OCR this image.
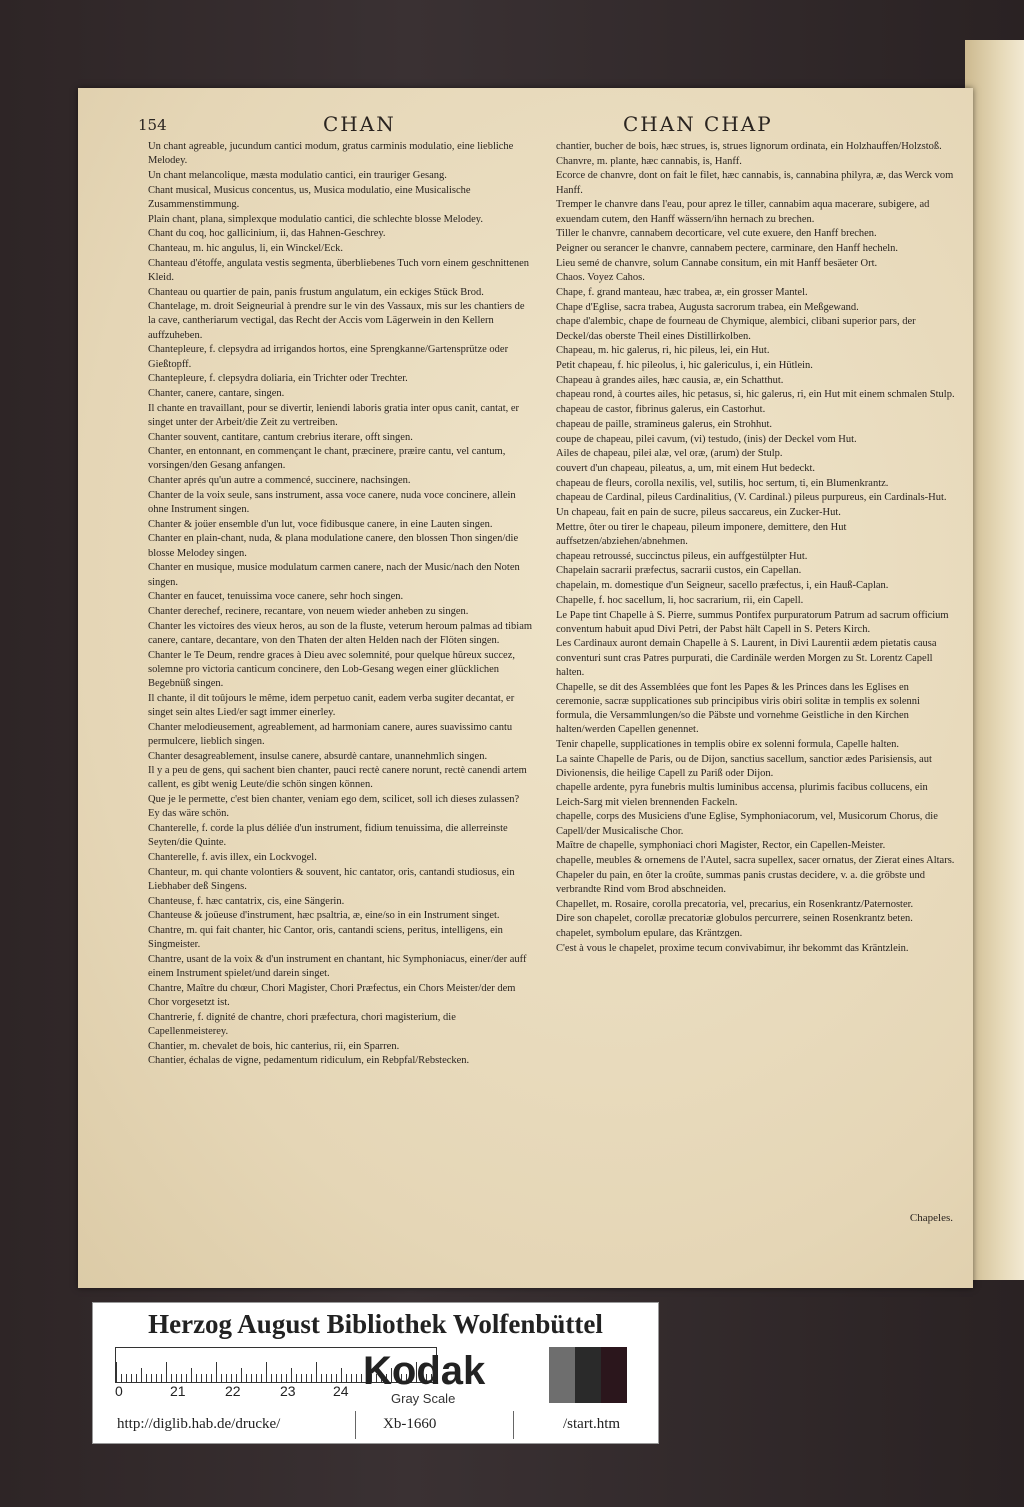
154	CHAN	CHAN CHAP
Un chant agreable, jucundum cantici modum, gratus carminis modulatio, eine liebliche Melodey.
Un chant melancolique, mæsta modulatio cantici, ein trauriger Gesang.
Chant musical, Musicus concentus, us, Musica modulatio, eine Musicalische Zusammenstimmung.
Plain chant, plana, simplexque modulatio cantici, die schlechte blosse Melodey.
Chant du coq, hoc gallicinium, ii, das Hahnen-Geschrey.
Chanteau, m. hic angulus, li, ein Winckel/Eck.
Chanteau d'étoffe, angulata vestis segmenta, überbliebenes Tuch vorn einem geschnittenen Kleid.
Chanteau ou quartier de pain, panis frustum angulatum, ein eckiges Stück Brod.
Chantelage, m. droit Seigneurial à prendre sur le vin des Vassaux, mis sur les chantiers de la cave, cantheriarum vectigal, das Recht der Accis vom Lägerwein in den Kellern auffzuheben.
Chantepleure, f. clepsydra ad irrigandos hortos, eine Sprengkanne/Gartensprütze oder Gießtopff.
Chantepleure, f. clepsydra doliaria, ein Trichter oder Trechter.
Chanter, canere, cantare, singen.
Il chante en travaillant, pour se divertir, leniendi laboris gratia inter opus canit, cantat, er singet unter der Arbeit/die Zeit zu vertreiben.
Chanter souvent, cantitare, cantum crebrius iterare, offt singen.
Chanter, en entonnant, en commençant le chant, præcinere, præire cantu, vel cantum, vorsingen/den Gesang anfangen.
Chanter aprés qu'un autre a commencé, succinere, nachsingen.
Chanter de la voix seule, sans instrument, assa voce canere, nuda voce concinere, allein ohne Instrument singen.
Chanter & joüer ensemble d'un lut, voce fidibusque canere, in eine Lauten singen.
Chanter en plain-chant, nuda, & plana modulatione canere, den blossen Thon singen/die blosse Melodey singen.
Chanter en musique, musice modulatum carmen canere, nach der Music/nach den Noten singen.
Chanter en faucet, tenuissima voce canere, sehr hoch singen.
Chanter derechef, recinere, recantare, von neuem wieder anheben zu singen.
Chanter les victoires des vieux heros, au son de la fluste, veterum heroum palmas ad tibiam canere, cantare, decantare, von den Thaten der alten Helden nach der Flöten singen.
Chanter le Te Deum, rendre graces à Dieu avec solemnité, pour quelque hûreux succez, solemne pro victoria canticum concinere, den Lob-Gesang wegen einer glücklichen Begebnüß singen.
Il chante, il dit toûjours le même, idem perpetuo canit, eadem verba sugiter decantat, er singet sein altes Lied/er sagt immer einerley.
Chanter melodieusement, agreablement, ad harmoniam canere, aures suavissimo cantu permulcere, lieblich singen.
Chanter desagreablement, insulse canere, absurdè cantare, unannehmlich singen.
Il y a peu de gens, qui sachent bien chanter, pauci rectè canere norunt, rectè canendi artem callent, es gibt wenig Leute/die schön singen können.
Que je le permette, c'est bien chanter, veniam ego dem, scilicet, soll ich dieses zulassen? Ey das wäre schön.
Chanterelle, f. corde la plus déliée d'un instrument, fidium tenuissima, die allerreinste Seyten/die Quinte.
Chanterelle, f. avis illex, ein Lockvogel.
Chanteur, m. qui chante volontiers & souvent, hic cantator, oris, cantandi studiosus, ein Liebhaber deß Singens.
Chanteuse, f. hæc cantatrix, cis, eine Sängerin.
Chanteuse & joüeuse d'instrument, hæc psaltria, æ, eine/so in ein Instrument singet.
Chantre, m. qui fait chanter, hic Cantor, oris, cantandi sciens, peritus, intelligens, ein Singmeister.
Chantre, usant de la voix & d'un instrument en chantant, hic Symphoniacus, einer/der auff einem Instrument spielet/und darein singet.
Chantre, Maître du chœur, Chori Magister, Chori Præfectus, ein Chors Meister/der dem Chor vorgesetzt ist.
Chantrerie, f. dignité de chantre, chori præfectura, chori magisterium, die Capellenmeisterey.
Chantier, m. chevalet de bois, hic canterius, rii, ein Sparren.
Chantier, échalas de vigne, pedamentum ridiculum, ein Rebpfal/Rebstecken.
chantier, bucher de bois, hæc strues, is, strues lignorum ordinata, ein Holzhauffen/Holzstoß.
Chanvre, m. plante, hæc cannabis, is, Hanff.
Ecorce de chanvre, dont on fait le filet, hæc cannabis, is, cannabina philyra, æ, das Werck vom Hanff.
Tremper le chanvre dans l'eau, pour aprez le tiller, cannabim aqua macerare, subigere, ad exuendam cutem, den Hanff wässern/ihn hernach zu brechen.
Tiller le chanvre, cannabem decorticare, vel cute exuere, den Hanff brechen.
Peigner ou serancer le chanvre, cannabem pectere, carminare, den Hanff hecheln.
Lieu semé de chanvre, solum Cannabe consitum, ein mit Hanff besäeter Ort.
Chaos. Voyez Cahos.
Chape, f. grand manteau, hæc trabea, æ, ein grosser Mantel.
Chape d'Eglise, sacra trabea, Augusta sacrorum trabea, ein Meßgewand.
chape d'alembic, chape de fourneau de Chymique, alembici, clibani superior pars, der Deckel/das oberste Theil eines Distillirkolben.
Chapeau, m. hic galerus, ri, hic pileus, lei, ein Hut.
Petit chapeau, f. hic pileolus, i, hic galericulus, i, ein Hütlein.
Chapeau à grandes ailes, hæc causia, æ, ein Schatthut.
chapeau rond, à courtes ailes, hic petasus, si, hic galerus, ri, ein Hut mit einem schmalen Stulp.
chapeau de castor, fibrinus galerus, ein Castorhut.
chapeau de paille, stramineus galerus, ein Strohhut.
coupe de chapeau, pilei cavum, (vi) testudo, (inis) der Deckel vom Hut.
Ailes de chapeau, pilei alæ, vel oræ, (arum) der Stulp.
couvert d'un chapeau, pileatus, a, um, mit einem Hut bedeckt.
chapeau de fleurs, corolla nexilis, vel, sutilis, hoc sertum, ti, ein Blumenkrantz.
chapeau de Cardinal, pileus Cardinalitius, (V. Cardinal.) pileus purpureus, ein Cardinals-Hut.
Un chapeau, fait en pain de sucre, pileus saccareus, ein Zucker-Hut.
Mettre, ôter ou tirer le chapeau, pileum imponere, demittere, den Hut auffsetzen/abziehen/abnehmen.
chapeau retroussé, succinctus pileus, ein auffgestülpter Hut.
Chapelain sacrarii præfectus, sacrarii custos, ein Capellan.
chapelain, m. domestique d'un Seigneur, sacello præfectus, i, ein Hauß-Caplan.
Chapelle, f. hoc sacellum, li, hoc sacrarium, rii, ein Capell.
Le Pape tint Chapelle à S. Pierre, summus Pontifex purpuratorum Patrum ad sacrum officium conventum habuit apud Divi Petri, der Pabst hält Capell in S. Peters Kirch.
Les Cardinaux auront demain Chapelle à S. Laurent, in Divi Laurentii ædem pietatis causa conventuri sunt cras Patres purpurati, die Cardinäle werden Morgen zu St. Lorentz Capell halten.
Chapelle, se dit des Assemblées que font les Papes & les Princes dans les Eglises en ceremonie, sacræ supplicationes sub principibus viris obiri solitæ in templis ex solenni formula, die Versammlungen/so die Päbste und vornehme Geistliche in den Kirchen halten/werden Capellen genennet.
Tenir chapelle, supplicationes in templis obire ex solenni formula, Capelle halten.
La sainte Chapelle de Paris, ou de Dijon, sanctius sacellum, sanctior ædes Parisiensis, aut Divionensis, die heilige Capell zu Pariß oder Dijon.
chapelle ardente, pyra funebris multis luminibus accensa, plurimis facibus collucens, ein Leich-Sarg mit vielen brennenden Fackeln.
chapelle, corps des Musiciens d'une Eglise, Symphoniacorum, vel, Musicorum Chorus, die Capell/der Musicalische Chor.
Maître de chapelle, symphoniaci chori Magister, Rector, ein Capellen-Meister.
chapelle, meubles & ornemens de l'Autel, sacra supellex, sacer ornatus, der Zierat eines Altars.
Chapeler du pain, en ôter la croûte, summas panis crustas decidere, v. a. die gröbste und verbrandte Rind vom Brod abschneiden.
Chapellet, m. Rosaire, corolla precatoria, vel, precarius, ein Rosenkrantz/Paternoster.
Dire son chapelet, corollæ precatoriæ globulos percurrere, seinen Rosenkrantz beten.
chapelet, symbolum epulare, das Kräntzgen.
C'est à vous le chapelet, proxime tecum convivabimur, ihr bekommt das Kräntzlein.
Chapeles.
Herzog August Bibliothek Wolfenbüttel
0	21	22	23	24 Kodak
Gray Scale
http://diglib.hab.de/drucke/	Xb-1660	/start.htm
